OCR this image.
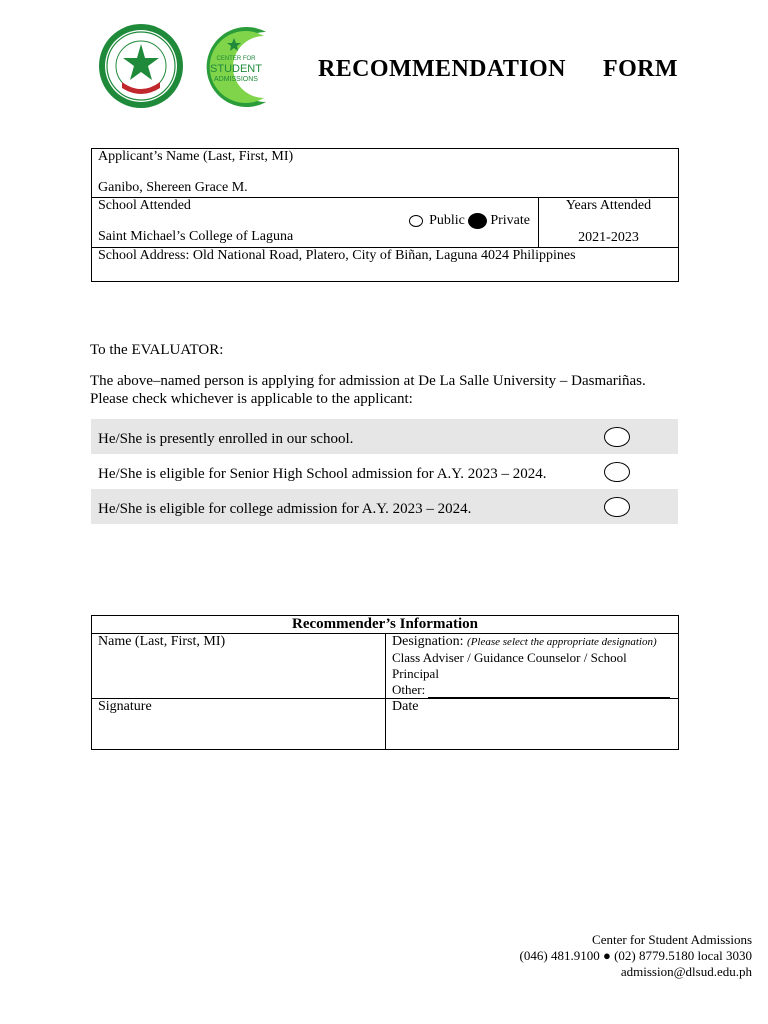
CENTER FOR
STUDENT
ADMISSIONS	RECOMMENDATION   FORM
Applicant’s Name (Last, First, MI)
Ganibo, Shereen Grace M.

School Attended
Public Private
Saint Michael’s College of Laguna

Years Attended
2021-2023

School Address: Old National Road, Platero, City of Biñan, Laguna 4024 Philippines
To the EVALUATOR:
The above–named person is applying for admission at De La Salle University – Dasmariñas.
Please check whichever is applicable to the applicant:
He/She is presently enrolled in our school.
He/She is eligible for Senior High School admission for A.Y. 2023 – 2024.
He/She is eligible for college admission for A.Y. 2023 – 2024.
Recommender’s Information	

Name (Last, First, MI)	Designation: (Please select the appropriate designation)
Class Adviser / Guidance Counselor / School Principal
Other:

Signature	Date
Center for Student Admissions
(046) 481.9100 ● (02) 8779.5180 local 3030
admission@dlsud.edu.ph
